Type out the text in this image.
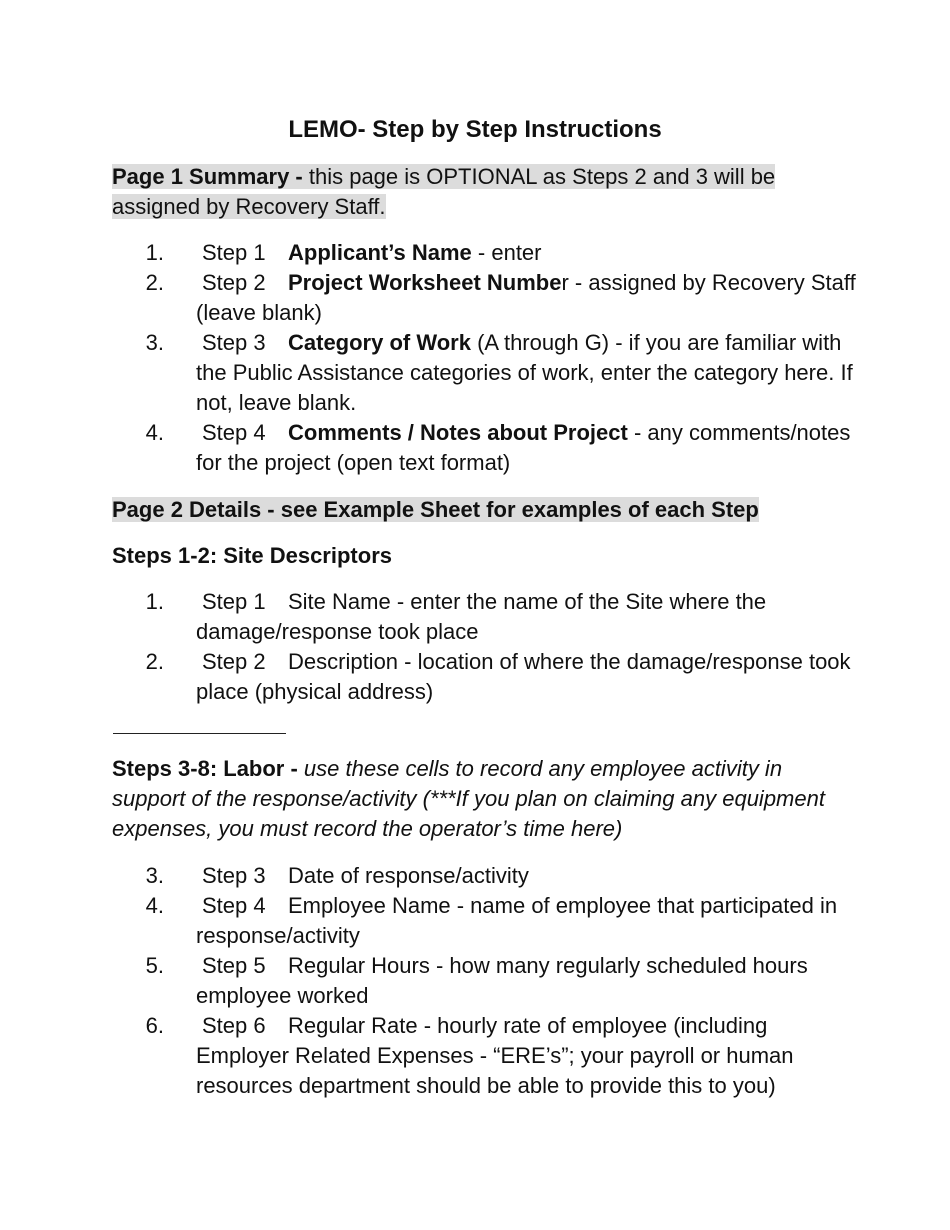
LEMO- Step by Step Instructions
Page 1 Summary - this page is OPTIONAL as Steps 2 and 3 will be assigned by Recovery Staff.
1. Step 1 Applicant’s Name - enter
2. Step 2 Project Worksheet Number - assigned by Recovery Staff (leave blank)
3. Step 3 Category of Work (A through G) - if you are familiar with the Public Assistance categories of work, enter the category here. If not, leave blank.
4. Step 4 Comments / Notes about Project - any comments/notes for the project (open text format)
Page 2 Details - see Example Sheet for examples of each Step
Steps 1-2: Site Descriptors
1. Step 1 Site Name - enter the name of the Site where the damage/response took place
2. Step 2 Description - location of where the damage/response took place (physical address)
Steps 3-8: Labor - use these cells to record any employee activity in support of the response/activity (***If you plan on claiming any equipment expenses, you must record the operator’s time here)
3. Step 3 Date of response/activity
4. Step 4 Employee Name - name of employee that participated in response/activity
5. Step 5 Regular Hours - how many regularly scheduled hours employee worked
6. Step 6 Regular Rate - hourly rate of employee (including Employer Related Expenses - “ERE’s”; your payroll or human resources department should be able to provide this to you)
